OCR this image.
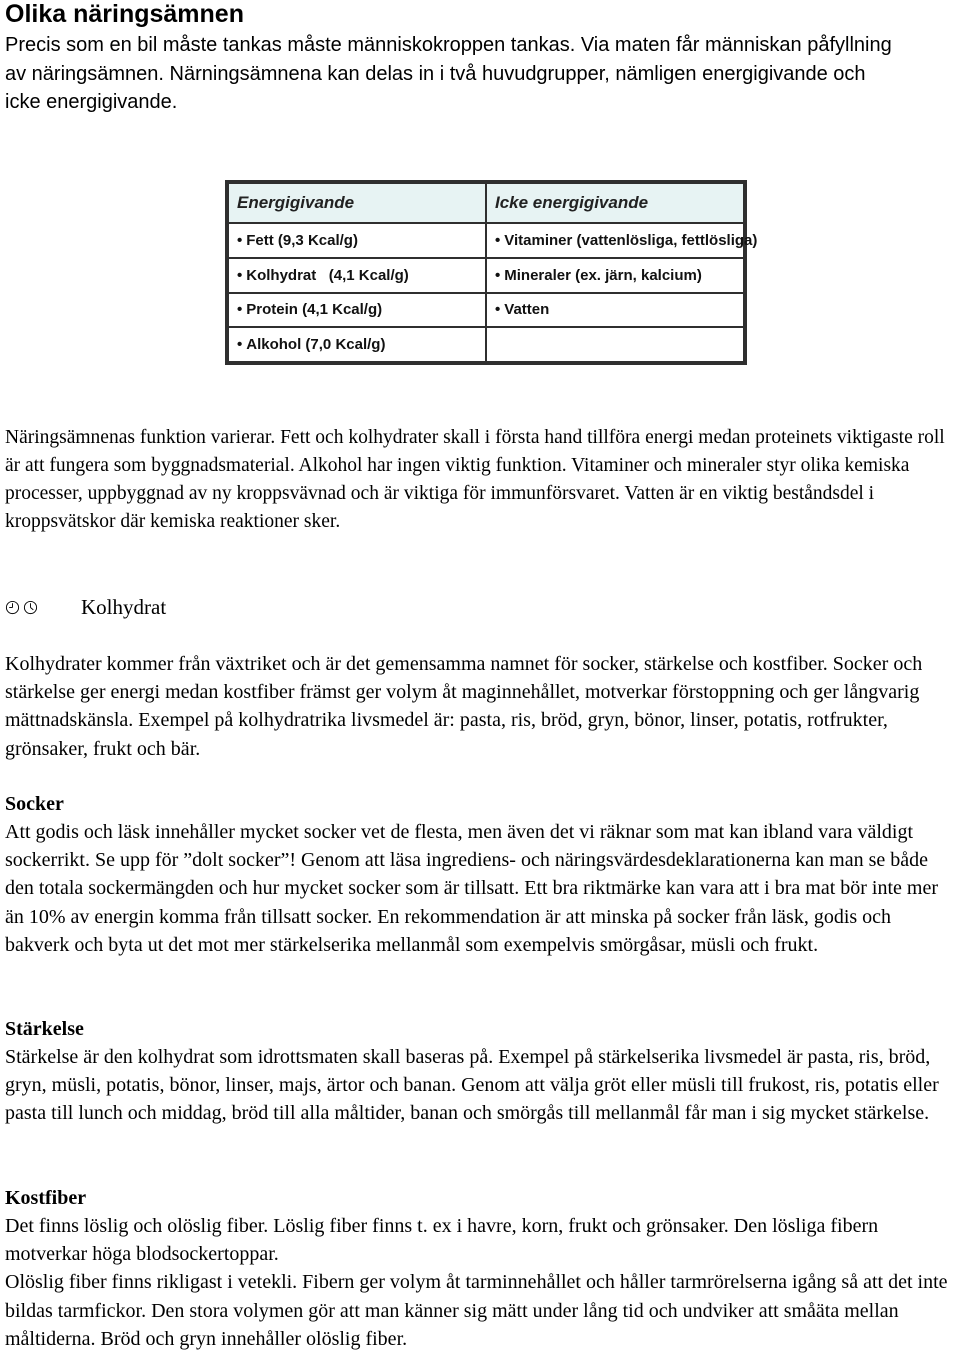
Olika näringsämnen
Precis som en bil måste tankas måste människokroppen tankas. Via maten får människan påfyllning av näringsämnen. Närningsämnena kan delas in i två huvudgrupper, nämligen energigivande och icke energigivande.
Energigivande	Icke energigivande
• Fett (9,3 Kcal/g)	• Vitaminer (vattenlösliga, fettlösliga)
• Kolhydrat   (4,1 Kcal/g)	• Mineraler (ex. järn, kalcium)
• Protein (4,1 Kcal/g)	• Vatten
• Alkohol (7,0 Kcal/g)	
Näringsämnenas funktion varierar. Fett och kolhydrater skall i första hand tillföra energi medan proteinets viktigaste roll är att fungera som byggnadsmaterial. Alkohol har ingen viktig funktion. Vitaminer och mineraler styr olika kemiska processer, uppbyggnad av ny kroppsvävnad och är viktiga för immunförsvaret. Vatten är en viktig beståndsdel i kroppsvätskor där kemiska reaktioner sker.
Kolhydrat
Kolhydrater kommer från växtriket och är det gemensamma namnet för socker, stärkelse och kostfiber. Socker och stärkelse ger energi medan kostfiber främst ger volym åt maginnehållet, motverkar förstoppning och ger långvarig mättnadskänsla. Exempel på kolhydratrika livsmedel är: pasta, ris, bröd, gryn, bönor, linser, potatis, rotfrukter, grönsaker, frukt och bär.
Socker
Att godis och läsk innehåller mycket socker vet de flesta, men även det vi räknar som mat kan ibland vara väldigt sockerrikt. Se upp för ”dolt socker”! Genom att läsa ingrediens- och näringsvärdesdeklarationerna kan man se både den totala sockermängden och hur mycket socker som är tillsatt. Ett bra riktmärke kan vara att i bra mat bör inte mer än 10% av energin komma från tillsatt socker. En rekommendation är att minska på socker från läsk, godis och bakverk och byta ut det mot mer stärkelserika mellanmål som exempelvis smörgåsar, müsli och frukt.
Stärkelse
Stärkelse är den kolhydrat som idrottsmaten skall baseras på. Exempel på stärkelserika livsmedel är pasta, ris, bröd, gryn, müsli, potatis, bönor, linser, majs, ärtor och banan. Genom att välja gröt eller müsli till frukost, ris, potatis eller pasta till lunch och middag, bröd till alla måltider, banan och smörgås till mellanmål får man i sig mycket stärkelse.
Kostfiber
Det finns löslig och olöslig fiber. Löslig fiber finns t. ex i havre, korn, frukt och grönsaker. Den lösliga fibern motverkar höga blodsockertoppar.
Olöslig fiber finns rikligast i vetekli. Fibern ger volym åt tarminnehållet och håller tarmrörelserna igång så att det inte bildas tarmfickor. Den stora volymen gör att man känner sig mätt under lång tid och undviker att småäta mellan måltiderna. Bröd och gryn innehåller olöslig fiber.
